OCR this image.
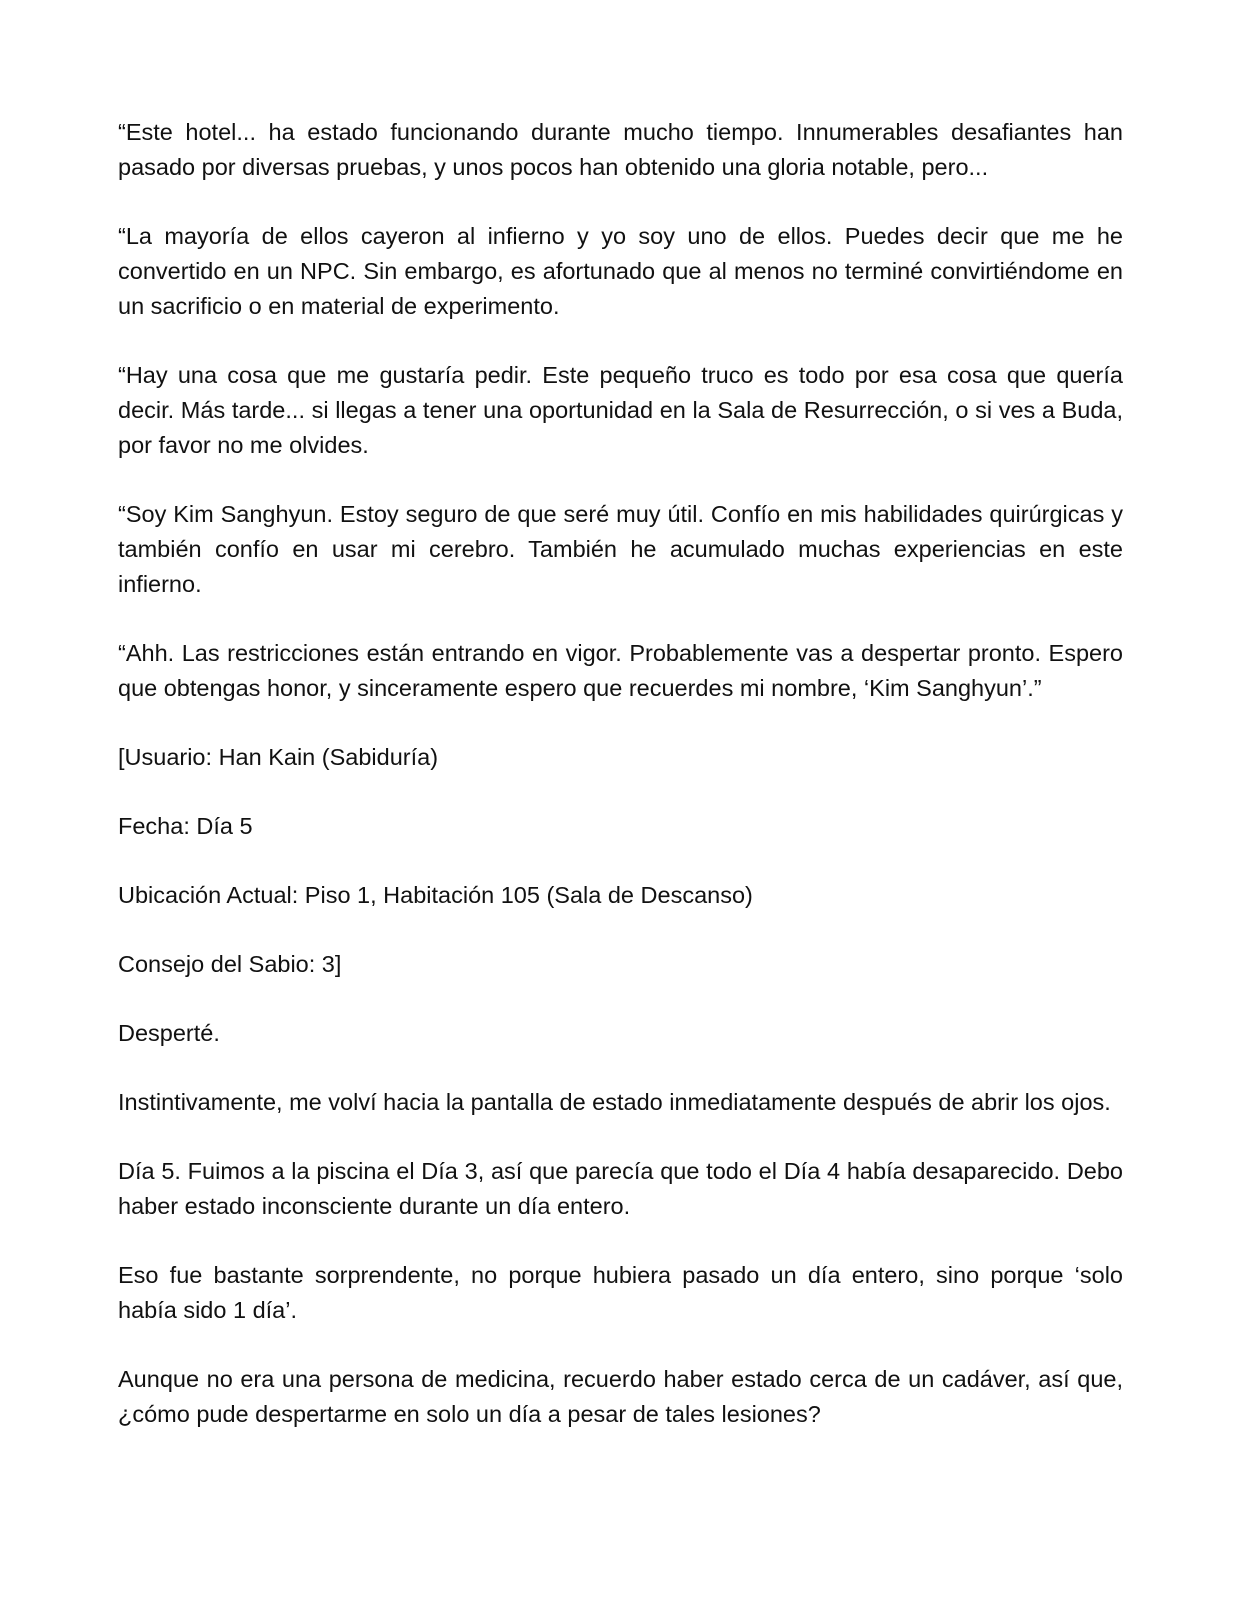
“Este hotel... ha estado funcionando durante mucho tiempo. Innumerables desafiantes han pasado por diversas pruebas, y unos pocos han obtenido una gloria notable, pero...

“La mayoría de ellos cayeron al infierno y yo soy uno de ellos. Puedes decir que me he convertido en un NPC. Sin embargo, es afortunado que al menos no terminé convirtiéndome en un sacrificio o en material de experimento.

“Hay una cosa que me gustaría pedir. Este pequeño truco es todo por esa cosa que quería decir. Más tarde... si llegas a tener una oportunidad en la Sala de Resurrección, o si ves a Buda, por favor no me olvides.

“Soy Kim Sanghyun. Estoy seguro de que seré muy útil. Confío en mis habilidades quirúrgicas y también confío en usar mi cerebro. También he acumulado muchas experiencias en este infierno.

“Ahh. Las restricciones están entrando en vigor. Probablemente vas a despertar pronto. Espero que obtengas honor, y sinceramente espero que recuerdes mi nombre, ‘Kim Sanghyun’.”

[Usuario: Han Kain (Sabiduría)

Fecha: Día 5

Ubicación Actual: Piso 1, Habitación 105 (Sala de Descanso)

Consejo del Sabio: 3]

Desperté.

Instintivamente, me volví hacia la pantalla de estado inmediatamente después de abrir los ojos.

Día 5. Fuimos a la piscina el Día 3, así que parecía que todo el Día 4 había desaparecido. Debo haber estado inconsciente durante un día entero.

Eso fue bastante sorprendente, no porque hubiera pasado un día entero, sino porque ‘solo había sido 1 día’.

Aunque no era una persona de medicina, recuerdo haber estado cerca de un cadáver, así que, ¿cómo pude despertarme en solo un día a pesar de tales lesiones?
